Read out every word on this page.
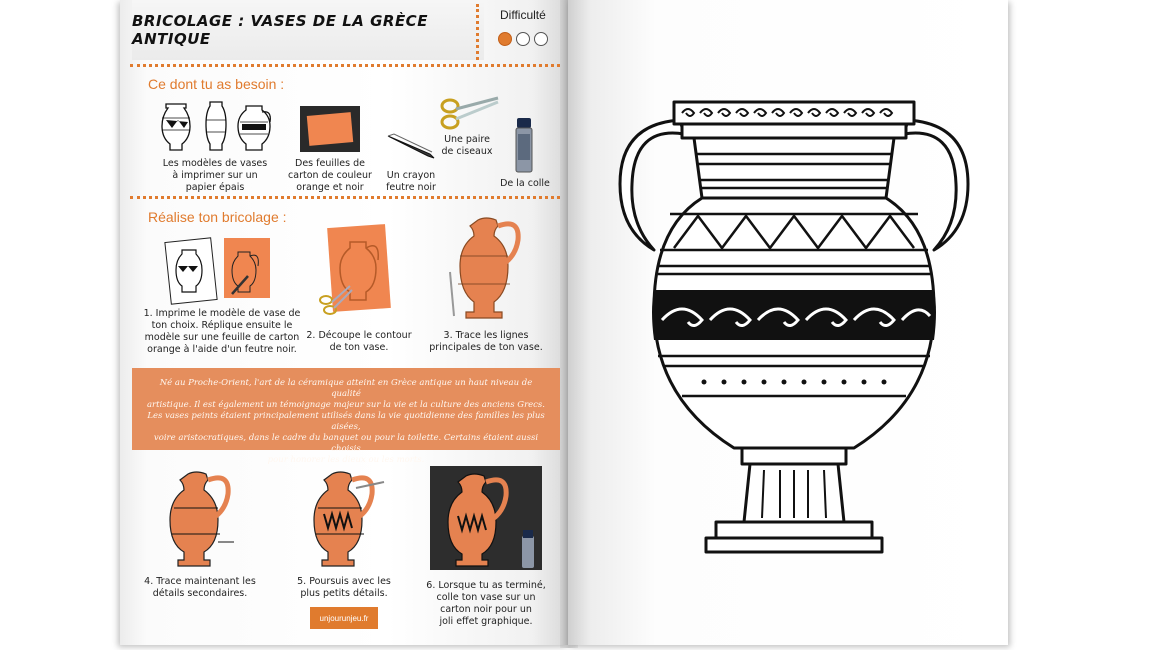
BRICOLAGE : VASES DE LA GRÈCE ANTIQUE
Difficulté
Ce dont tu as besoin :
Les modèles de vases
à imprimer sur un
papier épais
Des feuilles de
carton de couleur
orange et noir
Un crayon
feutre noir
Une paire
de ciseaux
De la colle
Réalise ton bricolage :
1. Imprime le modèle de vase de
ton choix. Réplique ensuite le
modèle sur une feuille de carton
orange à l'aide d'un feutre noir.
2. Découpe le contour
de ton vase.
3. Trace les lignes
principales de ton vase.

Né au Proche-Orient, l'art de la céramique atteint en Grèce antique un haut niveau de qualité

artistique. Il est également un témoignage majeur sur la vie et la culture des anciens Grecs.

Les vases peints étaient principalement utilisés dans la vie quotidienne des familles les plus aisées,

voire aristocratiques, dans le cadre du banquet ou pour la toilette. Certains étaient aussi choisis

pour honorer les dieux ou les morts.

4. Trace maintenant les
détails secondaires.
5. Poursuis avec les
plus petits détails.
6. Lorsque tu as terminé,
colle ton vase sur un
carton noir pour un
joli effet graphique.
unjourunjeu.fr
